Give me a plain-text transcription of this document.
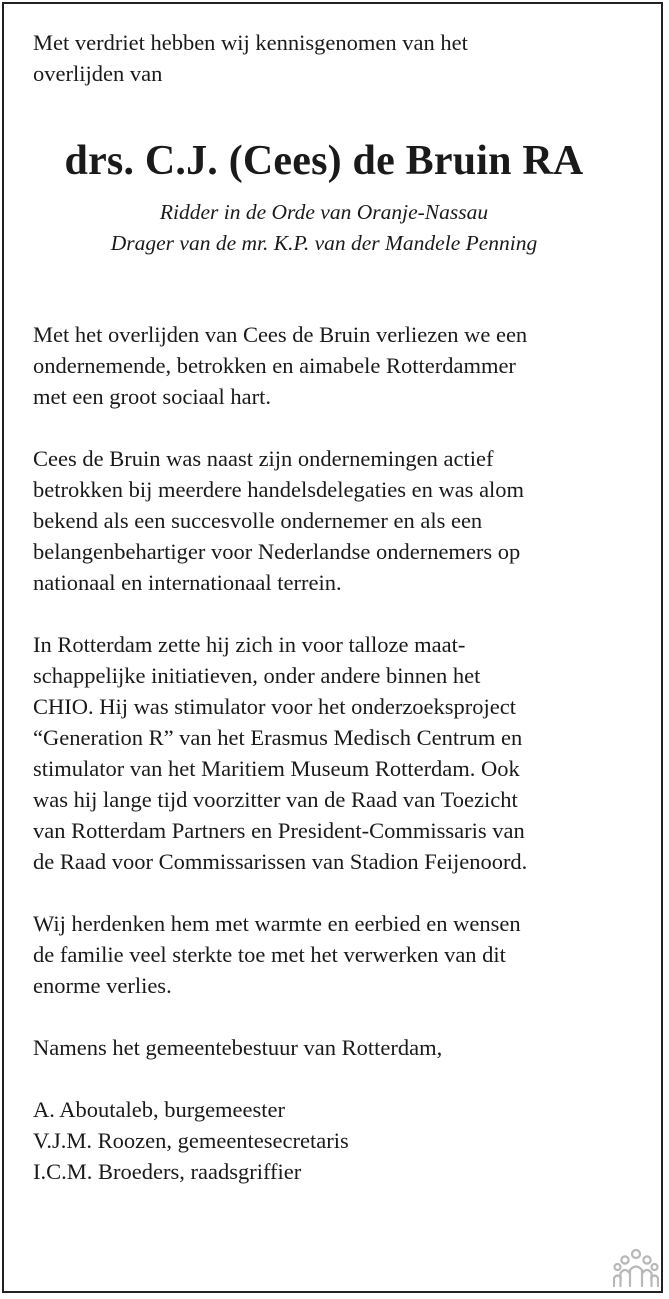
Met verdriet hebben wij kennisgenomen van het
overlijden van

drs. C.J. (Cees) de Bruin RA
Ridder in de Orde van Oranje-Nassau
Drager van de mr. K.P. van der Mandele Penning

Met het overlijden van Cees de Bruin verliezen we een
ondernemende, betrokken en aimabele Rotterdammer
met een groot sociaal hart.

Cees de Bruin was naast zijn ondernemingen actief
betrokken bij meerdere handelsdelegaties en was alom
bekend als een succesvolle ondernemer en als een
belangenbehartiger voor Nederlandse ondernemers op
nationaal en internationaal terrein.

In Rotterdam zette hij zich in voor talloze maat-
schappelijke initiatieven, onder andere binnen het
CHIO. Hij was stimulator voor het onderzoeksproject
“Generation R” van het Erasmus Medisch Centrum en
stimulator van het Maritiem Museum Rotterdam. Ook
was hij lange tijd voorzitter van de Raad van Toezicht
van Rotterdam Partners en President-Commissaris van
de Raad voor Commissarissen van Stadion Feijenoord.

Wij herdenken hem met warmte en eerbied en wensen
de familie veel sterkte toe met het verwerken van dit
enorme verlies.

Namens het gemeentebestuur van Rotterdam,

A. Aboutaleb, burgemeester
V.J.M. Roozen, gemeentesecretaris
I.C.M. Broeders, raadsgriffier
